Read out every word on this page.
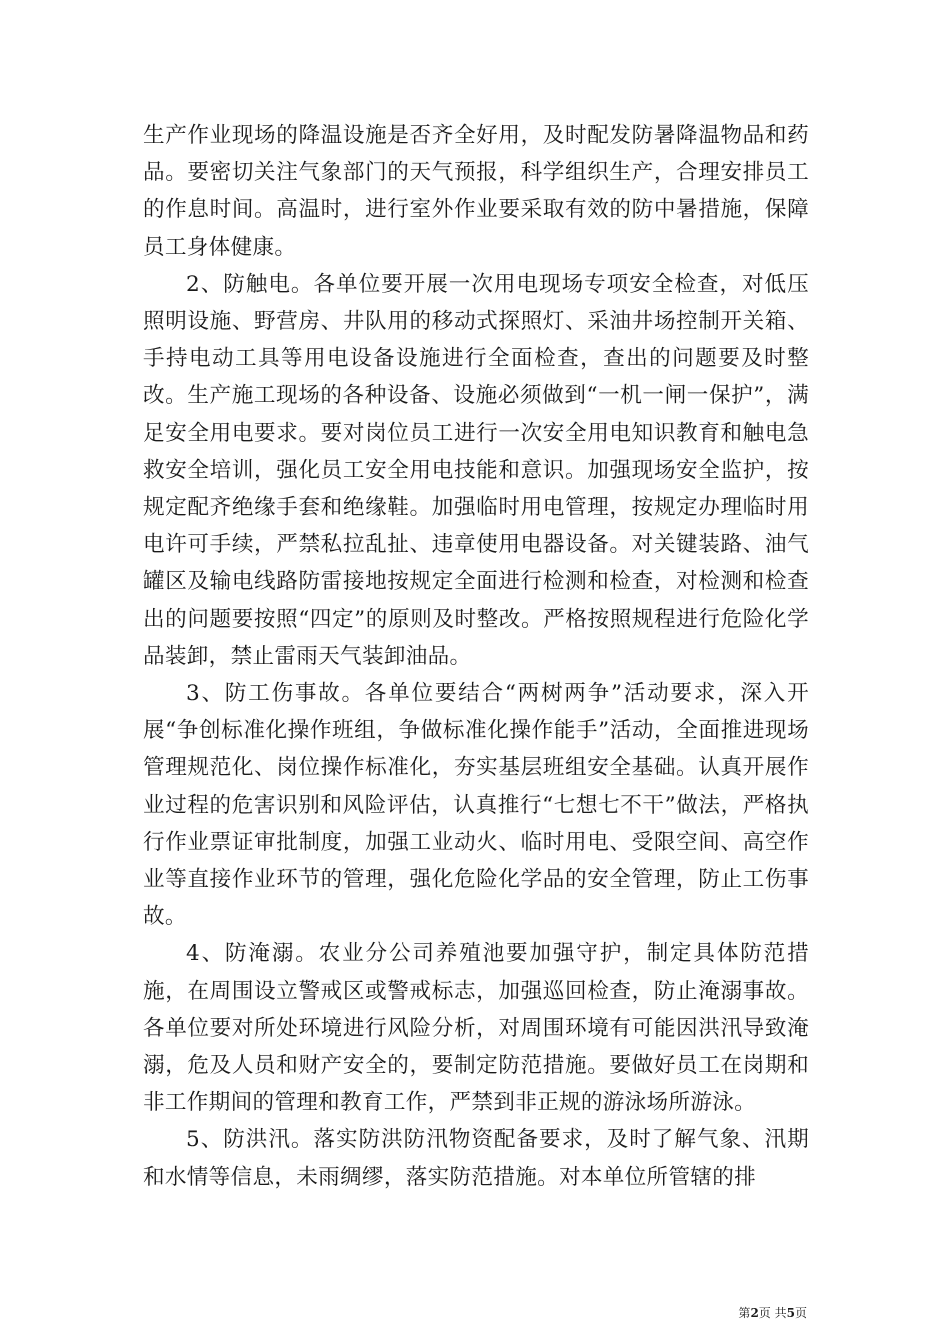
生产作业现场的降温设施是否齐全好用，及时配发防暑降温物品和药品。要密切关注气象部门的天气预报，科学组织生产，合理安排员工的作息时间。高温时，进行室外作业要采取有效的防中暑措施，保障员工身体健康。

2、防触电。各单位要开展一次用电现场专项安全检查，对低压照明设施、野营房、井队用的移动式探照灯、采油井场控制开关箱、手持电动工具等用电设备设施进行全面检查，查出的问题要及时整改。生产施工现场的各种设备、设施必须做到“一机一闸一保护”，满足安全用电要求。要对岗位员工进行一次安全用电知识教育和触电急救安全培训，强化员工安全用电技能和意识。加强现场安全监护，按规定配齐绝缘手套和绝缘鞋。加强临时用电管理，按规定办理临时用电许可手续，严禁私拉乱扯、违章使用电器设备。对关键装路、油气罐区及输电线路防雷接地按规定全面进行检测和检查，对检测和检查出的问题要按照“四定”的原则及时整改。严格按照规程进行危险化学品装卸，禁止雷雨天气装卸油品。

3、防工伤事故。各单位要结合“两树两争”活动要求，深入开展“争创标准化操作班组，争做标准化操作能手”活动，全面推进现场管理规范化、岗位操作标准化，夯实基层班组安全基础。认真开展作业过程的危害识别和风险评估，认真推行“七想七不干”做法，严格执行作业票证审批制度，加强工业动火、临时用电、受限空间、高空作业等直接作业环节的管理，强化危险化学品的安全管理，防止工伤事故。

4、防淹溺。农业分公司养殖池要加强守护，制定具体防范措施，在周围设立警戒区或警戒标志，加强巡回检查，防止淹溺事故。各单位要对所处环境进行风险分析，对周围环境有可能因洪汛导致淹溺，危及人员和财产安全的，要制定防范措施。要做好员工在岗期和非工作期间的管理和教育工作，严禁到非正规的游泳场所游泳。

5、防洪汛。落实防洪防汛物资配备要求，及时了解气象、汛期和水情等信息，未雨绸缪，落实防范措施。对本单位所管辖的排

第2页 共5页
